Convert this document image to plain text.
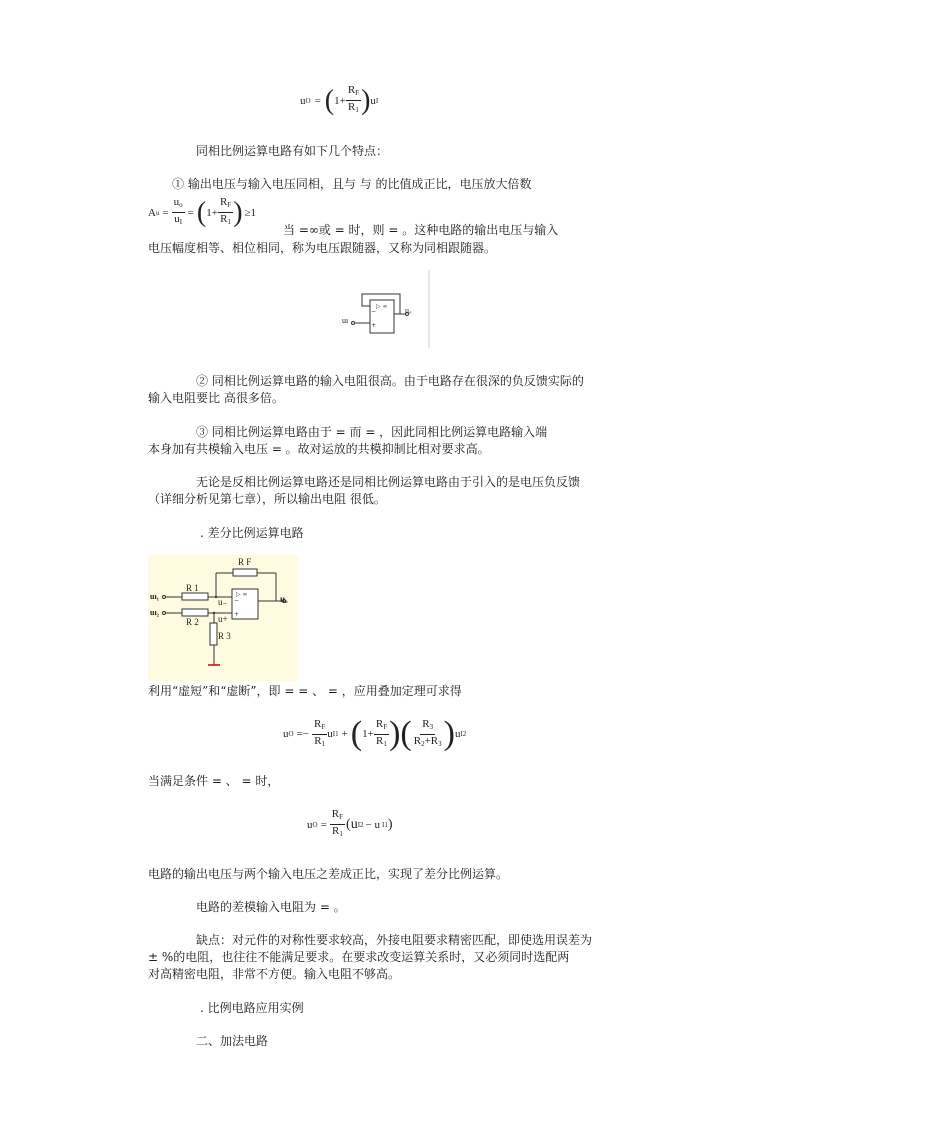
u O = ( $1+ \frac{R_F}{R_1}$ ) u I
同相比例运算电路有如下几个特点：
① 输出电压与输入电压同相，且与 与 的比值成正比，电压放大倍数
A $u = \frac{u_o}{u_I}$ = ( $1+ \frac{R_F}{R_1}$ ) ≥1
当 =∞或 = 时，则 = 。这种电路的输出电压与输入
电压幅度相等、相位相同，称为电压跟随器，又称为同相跟随器。
▷ ∞
−
+
uı
uₒ
② 同相比例运算电路的输入电阻很高。由于电路存在很深的负反馈实际的
输入电阻要比 高很多倍。
③ 同相比例运算电路由于 = 而 = ，因此同相比例运算电路输入端
本身加有共模输入电压 = 。故对运放的共模抑制比相对要求高。
无论是反相比例运算电路还是同相比例运算电路由于引入的是电压负反馈
（详细分析见第七章），所以输出电阻 很低。
. 差分比例运算电路
▷ ∞
−
+
R F
R 1
R 2
R 3
uı₁
uı₂
u₋
u+
uₒ
利用“虚短”和“虚断”，即 = = 、 = ，应用叠加定理可求得
u $O =- \frac{R_F}{R_1}$ u I1 + ( $1+ \frac{R_F}{R_1}$ )( $\frac{R_3}{R_2+R_3}$ ) u I2
当满足条件 = 、 = 时，
u $O = \frac{R_F}{R_1} (u$ I2 − u I1 )
电路的输出电压与两个输入电压之差成正比，实现了差分比例运算。
电路的差模输入电阻为 = 。
缺点：对元件的对称性要求较高，外接电阻要求精密匹配，即使选用误差为
± %的电阻，也往往不能满足要求。在要求改变运算关系时，又必须同时选配两
对高精密电阻，非常不方便。输入电阻不够高。
. 比例电路应用实例
二、加法电路
